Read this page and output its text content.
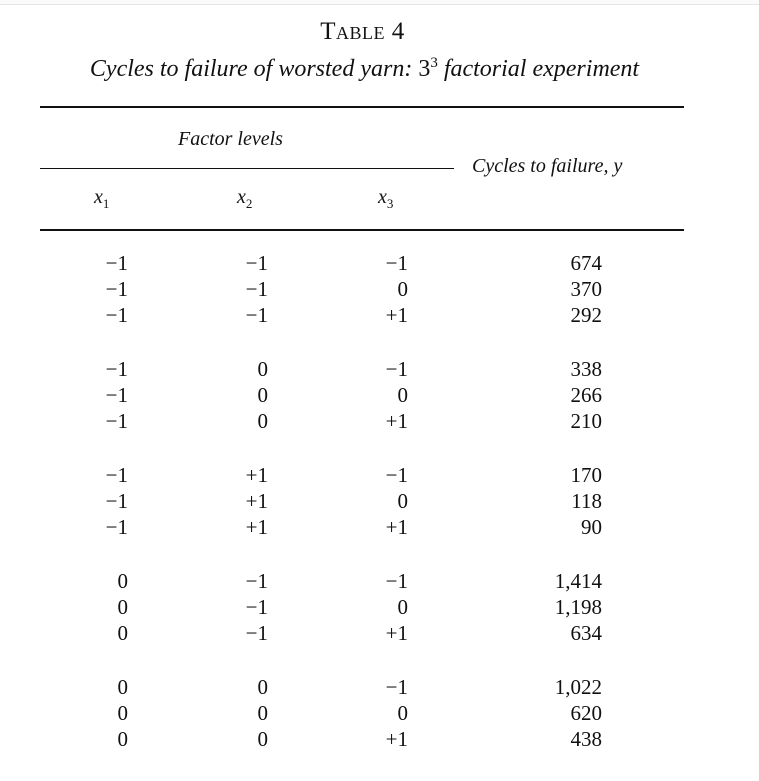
Table 4
Cycles to failure of worsted yarn: $3^3$ factorial experiment
Factor levels
Cycles to failure, y
$x_1$	$x_2$	$x_3$
−1	−1	−1	674
−1	−1	0	370
−1	−1	+1	292
−1	0	−1	338
−1	0	0	266
−1	0	+1	210
−1	+1	−1	170
−1	+1	0	118
−1	+1	+1	90
0	−1	−1	1,414
0	−1	0	1,198
0	−1	+1	634
0	0	−1	1,022
0	0	0	620
0	0	+1	438
